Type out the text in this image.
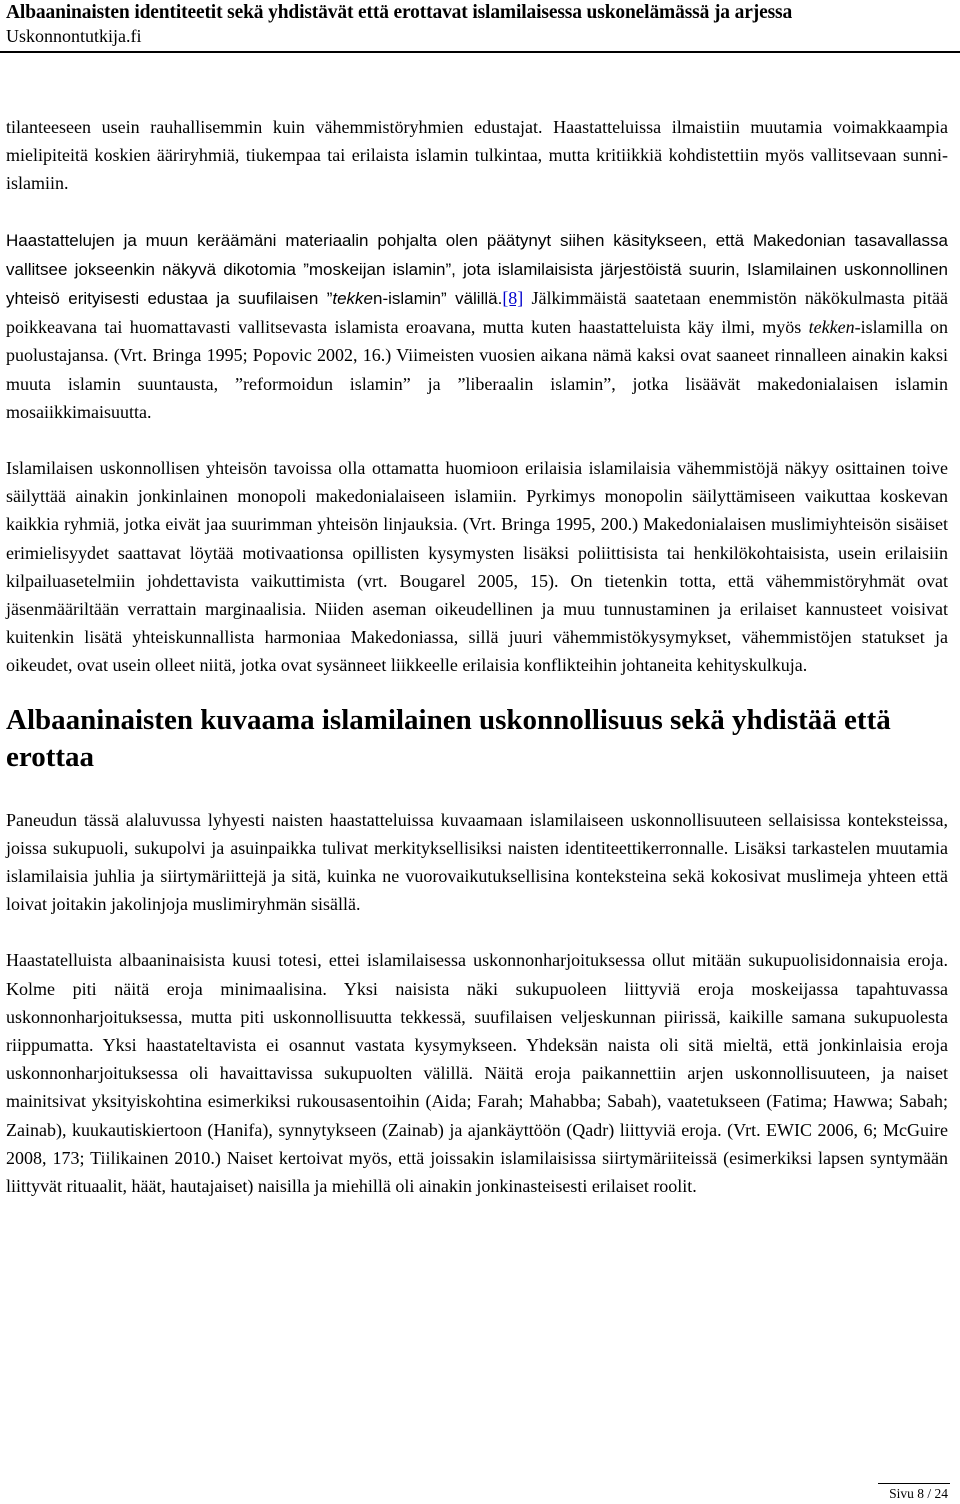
Albaaninaisten identiteetit sekä yhdistävät että erottavat islamilaisessa uskonelämässä ja arjessa
Uskonnontutkija.fi

tilanteeseen usein rauhallisemmin kuin vähemmistöryhmien edustajat. Haastatteluissa ilmaistiin muutamia voimakkaampia mielipiteitä koskien ääriryhmiä, tiukempaa tai erilaista islamin tulkintaa, mutta kritiikkiä kohdistettiin myös vallitsevaan sunni-islamiin.

Haastattelujen ja muun keräämäni materiaalin pohjalta olen päätynyt siihen käsitykseen, että Makedonian tasavallassa vallitsee jokseenkin näkyvä dikotomia ”moskeijan islamin”, jota islamilaisista järjestöistä suurin, Islamilainen uskonnollinen yhteisö erityisesti edustaa ja suufilaisen ”tekken-islamin” välillä.[8] Jälkimmäistä saatetaan enemmistön näkökulmasta pitää poikkeavana tai huomattavasti vallitsevasta islamista eroavana, mutta kuten haastatteluista käy ilmi, myös tekken-islamilla on puolustajansa. (Vrt. Bringa 1995; Popovic 2002, 16.) Viimeisten vuosien aikana nämä kaksi ovat saaneet rinnalleen ainakin kaksi muuta islamin suuntausta, ”reformoidun islamin” ja ”liberaalin islamin”, jotka lisäävät makedonialaisen islamin mosaiikkimaisuutta.

Islamilaisen uskonnollisen yhteisön tavoissa olla ottamatta huomioon erilaisia islamilaisia vähemmistöjä näkyy osittainen toive säilyttää ainakin jonkinlainen monopoli makedonialaiseen islamiin. Pyrkimys monopolin säilyttämiseen vaikuttaa koskevan kaikkia ryhmiä, jotka eivät jaa suurimman yhteisön linjauksia. (Vrt. Bringa 1995, 200.) Makedonialaisen muslimiyhteisön sisäiset erimielisyydet saattavat löytää motivaationsa opillisten kysymysten lisäksi poliittisista tai henkilökohtaisista, usein erilaisiin kilpailuasetelmiin johdettavista vaikuttimista (vrt. Bougarel 2005, 15). On tietenkin totta, että vähemmistöryhmät ovat jäsenmääriltään verrattain marginaalisia. Niiden aseman oikeudellinen ja muu tunnustaminen ja erilaiset kannusteet voisivat kuitenkin lisätä yhteiskunnallista harmoniaa Makedoniassa, sillä juuri vähemmistökysymykset, vähemmistöjen statukset ja oikeudet, ovat usein olleet niitä, jotka ovat sysänneet liikkeelle erilaisia konflikteihin johtaneita kehityskulkuja.

Albaaninaisten kuvaama islamilainen uskonnollisuus sekä yhdistää että erottaa

Paneudun tässä alaluvussa lyhyesti naisten haastatteluissa kuvaamaan islamilaiseen uskonnollisuuteen sellaisissa konteksteissa, joissa sukupuoli, sukupolvi ja asuinpaikka tulivat merkityksellisiksi naisten identiteettikerronnalle. Lisäksi tarkastelen muutamia islamilaisia juhlia ja siirtymäriittejä ja sitä, kuinka ne vuorovaikutuksellisina konteksteina sekä kokosivat muslimeja yhteen että loivat joitakin jakolinjoja muslimiryhmän sisällä.

Haastatelluista albaaninaisista kuusi totesi, ettei islamilaisessa uskonnonharjoituksessa ollut mitään sukupuolisidonnaisia eroja. Kolme piti näitä eroja minimaalisina. Yksi naisista näki sukupuoleen liittyviä eroja moskeijassa tapahtuvassa uskonnonharjoituksessa, mutta piti uskonnollisuutta tekkessä, suufilaisen veljeskunnan piirissä, kaikille samana sukupuolesta riippumatta. Yksi haastateltavista ei osannut vastata kysymykseen. Yhdeksän naista oli sitä mieltä, että jonkinlaisia eroja uskonnonharjoituksessa oli havaittavissa sukupuolten välillä. Näitä eroja paikannettiin arjen uskonnollisuuteen, ja naiset mainitsivat yksityiskohtina esimerkiksi rukousasentoihin (Aida; Farah; Mahabba; Sabah), vaatetukseen (Fatima; Hawwa; Sabah; Zainab), kuukautiskiertoon (Hanifa), synnytykseen (Zainab) ja ajankäyttöön (Qadr) liittyviä eroja. (Vrt. EWIC 2006, 6; McGuire 2008, 173; Tiilikainen 2010.) Naiset kertoivat myös, että joissakin islamilaisissa siirtymäriiteissä (esimerkiksi lapsen syntymään liittyvät rituaalit, häät, hautajaiset) naisilla ja miehillä oli ainakin jonkinasteisesti erilaiset roolit.

Sivu 8 / 24
